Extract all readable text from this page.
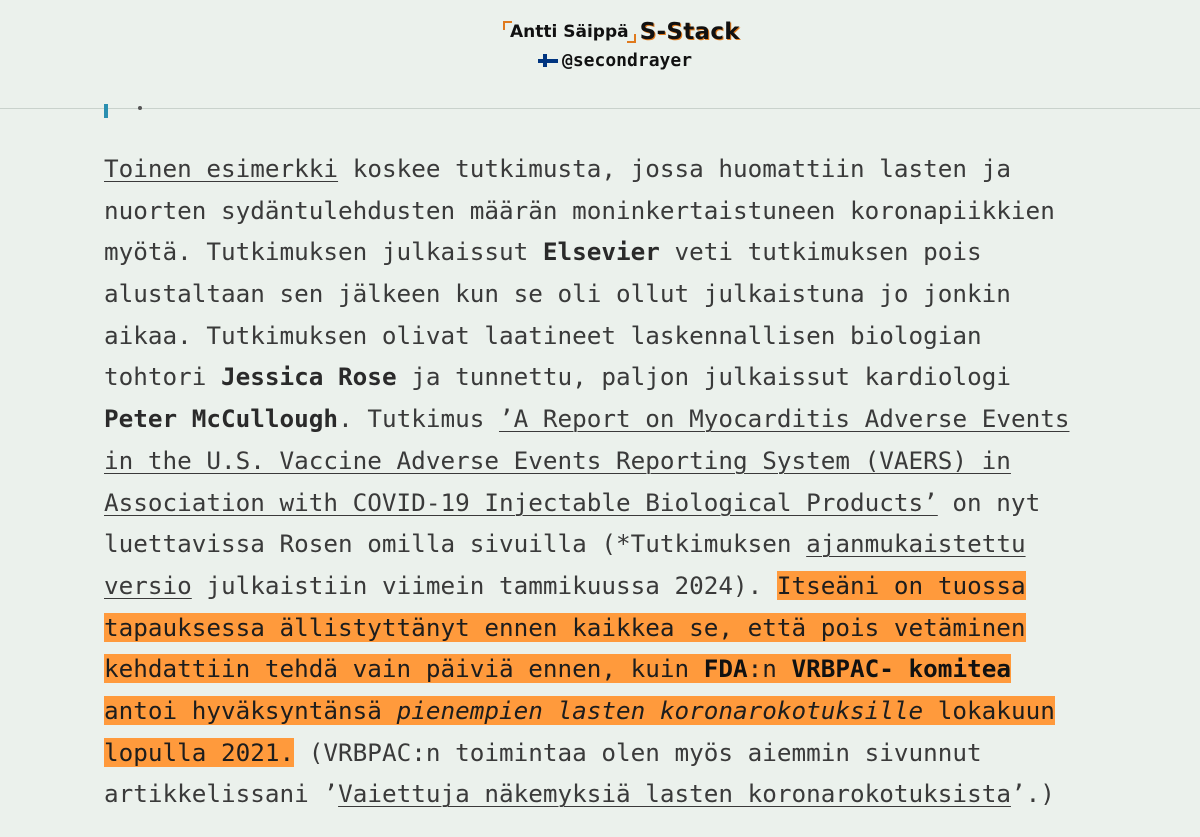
Antti Säippä S-Stack
@secondrayer
Toinen esimerkki koskee tutkimusta, jossa huomattiin lasten ja
nuorten sydäntulehdusten määrän moninkertaistuneen koronapiikkien
myötä. Tutkimuksen julkaissut Elsevier veti tutkimuksen pois
alustaltaan sen jälkeen kun se oli ollut julkaistuna jo jonkin
aikaa. Tutkimuksen olivat laatineet laskennallisen biologian
tohtori Jessica Rose ja tunnettu, paljon julkaissut kardiologi
Peter McCullough. Tutkimus ’A Report on Myocarditis Adverse Events
in the U.S. Vaccine Adverse Events Reporting System (VAERS) in
Association with COVID-19 Injectable Biological Products’ on nyt
luettavissa Rosen omilla sivuilla (*Tutkimuksen ajanmukaistettu
versio julkaistiin viimein tammikuussa 2024). Itseäni on tuossa
tapauksessa ällistyttänyt ennen kaikkea se, että pois vetäminen
kehdattiin tehdä vain päiviä ennen, kuin FDA:n VRBPAC- komitea
antoi hyväksyntänsä pienempien lasten koronarokotuksille lokakuun
lopulla 2021. (VRBPAC:n toimintaa olen myös aiemmin sivunnut
artikkelissani ’Vaiettuja näkemyksiä lasten koronarokotuksista’.)
